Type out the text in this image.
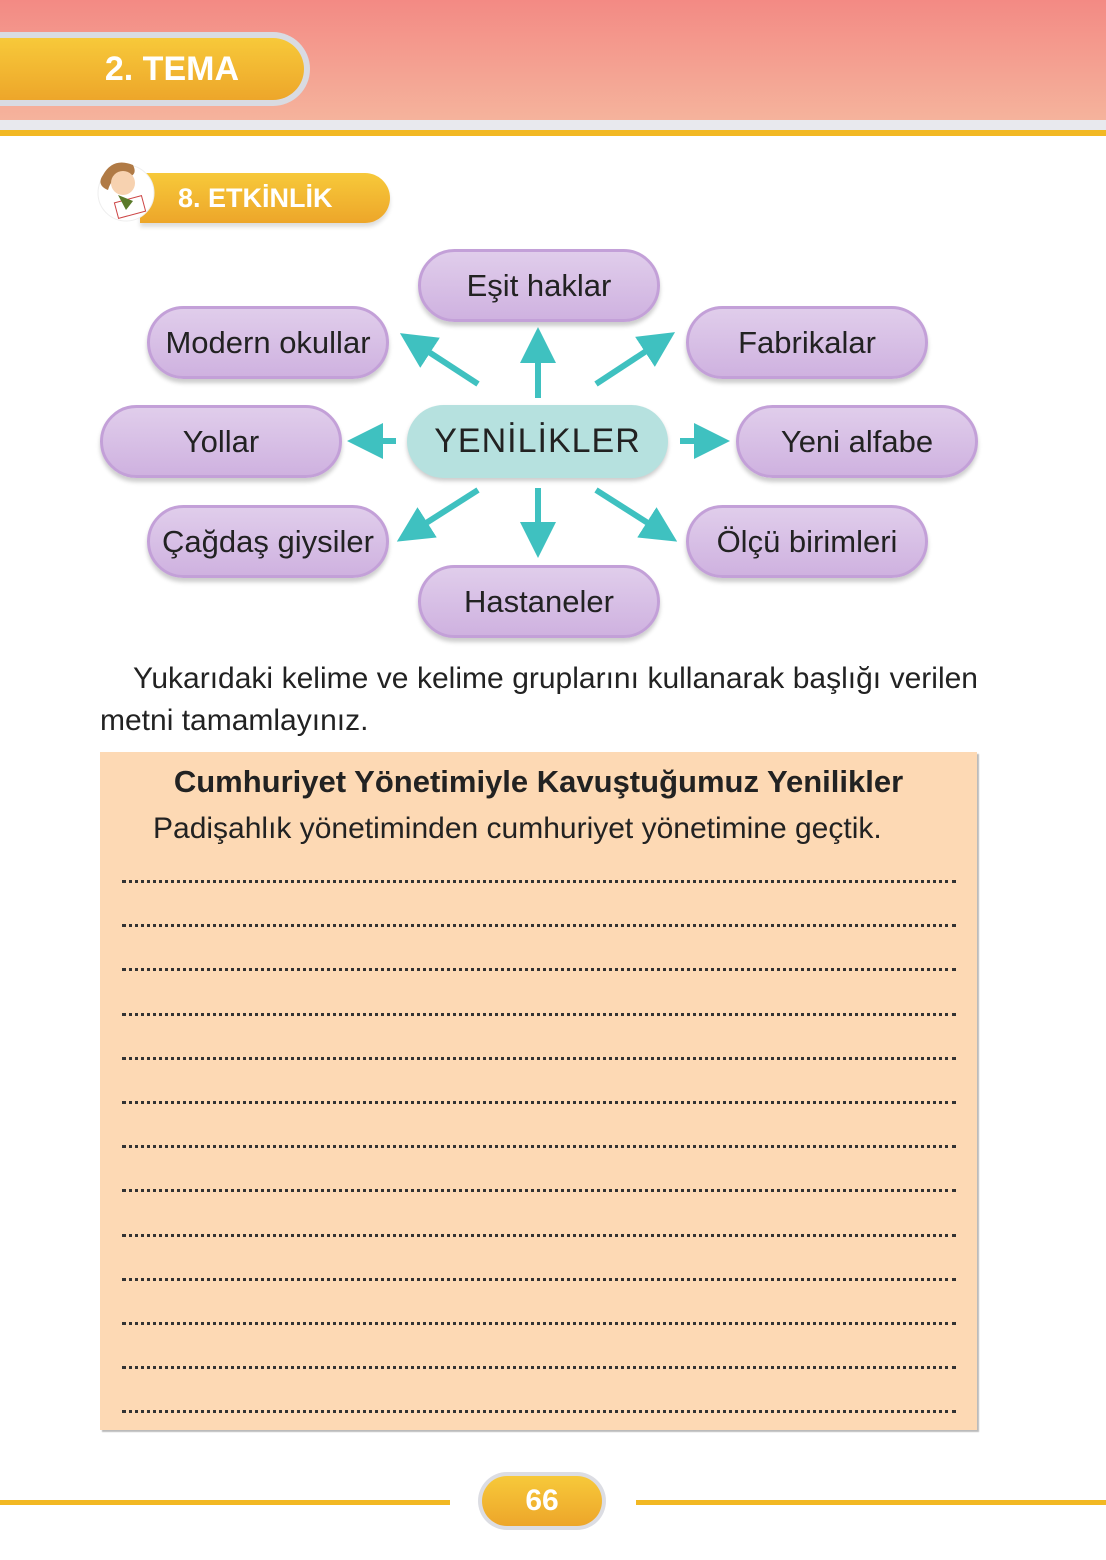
2. TEMA
8. ETKİNLİK
Eşit haklar
Modern okullar	Fabrikalar
Yollar	Yeni alfabe
Çağdaş giysiler	Ölçü birimleri
Hastaneler
YENİLİKLER
Yukarıdaki kelime ve kelime gruplarını kullanarak başlığı verilen metni tamamlayınız.
Cumhuriyet Yönetimiyle Kavuştuğumuz Yenilikler
Padişahlık yönetiminden cumhuriyet yönetimine geçtik.
66
